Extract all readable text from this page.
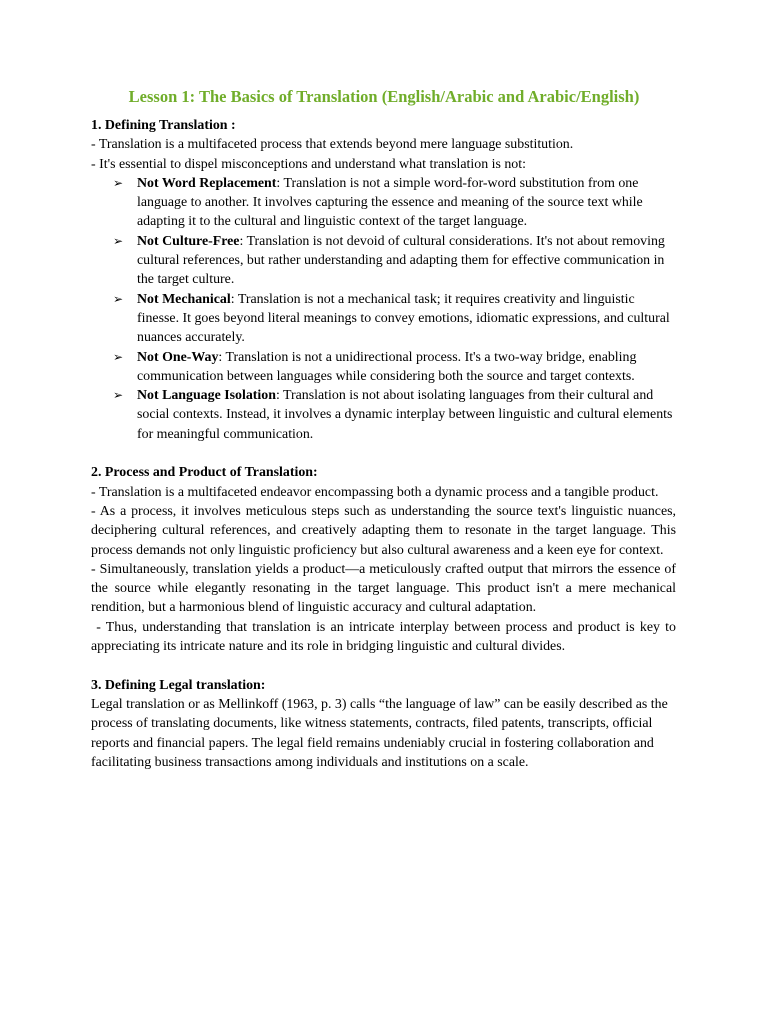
Lesson 1: The Basics of Translation (English/Arabic and Arabic/English)

1. Defining Translation :

- Translation is a multifaceted process that extends beyond mere language substitution.

- It's essential to dispel misconceptions and understand what translation is not:

➢ Not Word Replacement: Translation is not a simple word-for-word substitution from one language to another. It involves capturing the essence and meaning of the source text while adapting it to the cultural and linguistic context of the target language.
➢ Not Culture-Free: Translation is not devoid of cultural considerations. It's not about removing cultural references, but rather understanding and adapting them for effective communication in the target culture.
➢ Not Mechanical: Translation is not a mechanical task; it requires creativity and linguistic finesse. It goes beyond literal meanings to convey emotions, idiomatic expressions, and cultural nuances accurately.
➢ Not One-Way: Translation is not a unidirectional process. It's a two-way bridge, enabling communication between languages while considering both the source and target contexts.
➢ Not Language Isolation: Translation is not about isolating languages from their cultural and social contexts. Instead, it involves a dynamic interplay between linguistic and cultural elements for meaningful communication.

2. Process and Product of Translation:

- Translation is a multifaceted endeavor encompassing both a dynamic process and a tangible product.

- As a process, it involves meticulous steps such as understanding the source text's linguistic nuances, deciphering cultural references, and creatively adapting them to resonate in the target language. This process demands not only linguistic proficiency but also cultural awareness and a keen eye for context.

- Simultaneously, translation yields a product—a meticulously crafted output that mirrors the essence of the source while elegantly resonating in the target language. This product isn't a mere mechanical rendition, but a harmonious blend of linguistic accuracy and cultural adaptation.

- Thus, understanding that translation is an intricate interplay between process and product is key to appreciating its intricate nature and its role in bridging linguistic and cultural divides.

3. Defining Legal translation:

Legal translation or as Mellinkoff (1963, p. 3) calls “the language of law” can be easily described as the process of translating documents, like witness statements, contracts, filed patents, transcripts, official reports and financial papers. The legal field remains undeniably crucial in fostering collaboration and facilitating business transactions among individuals and institutions on a scale.
